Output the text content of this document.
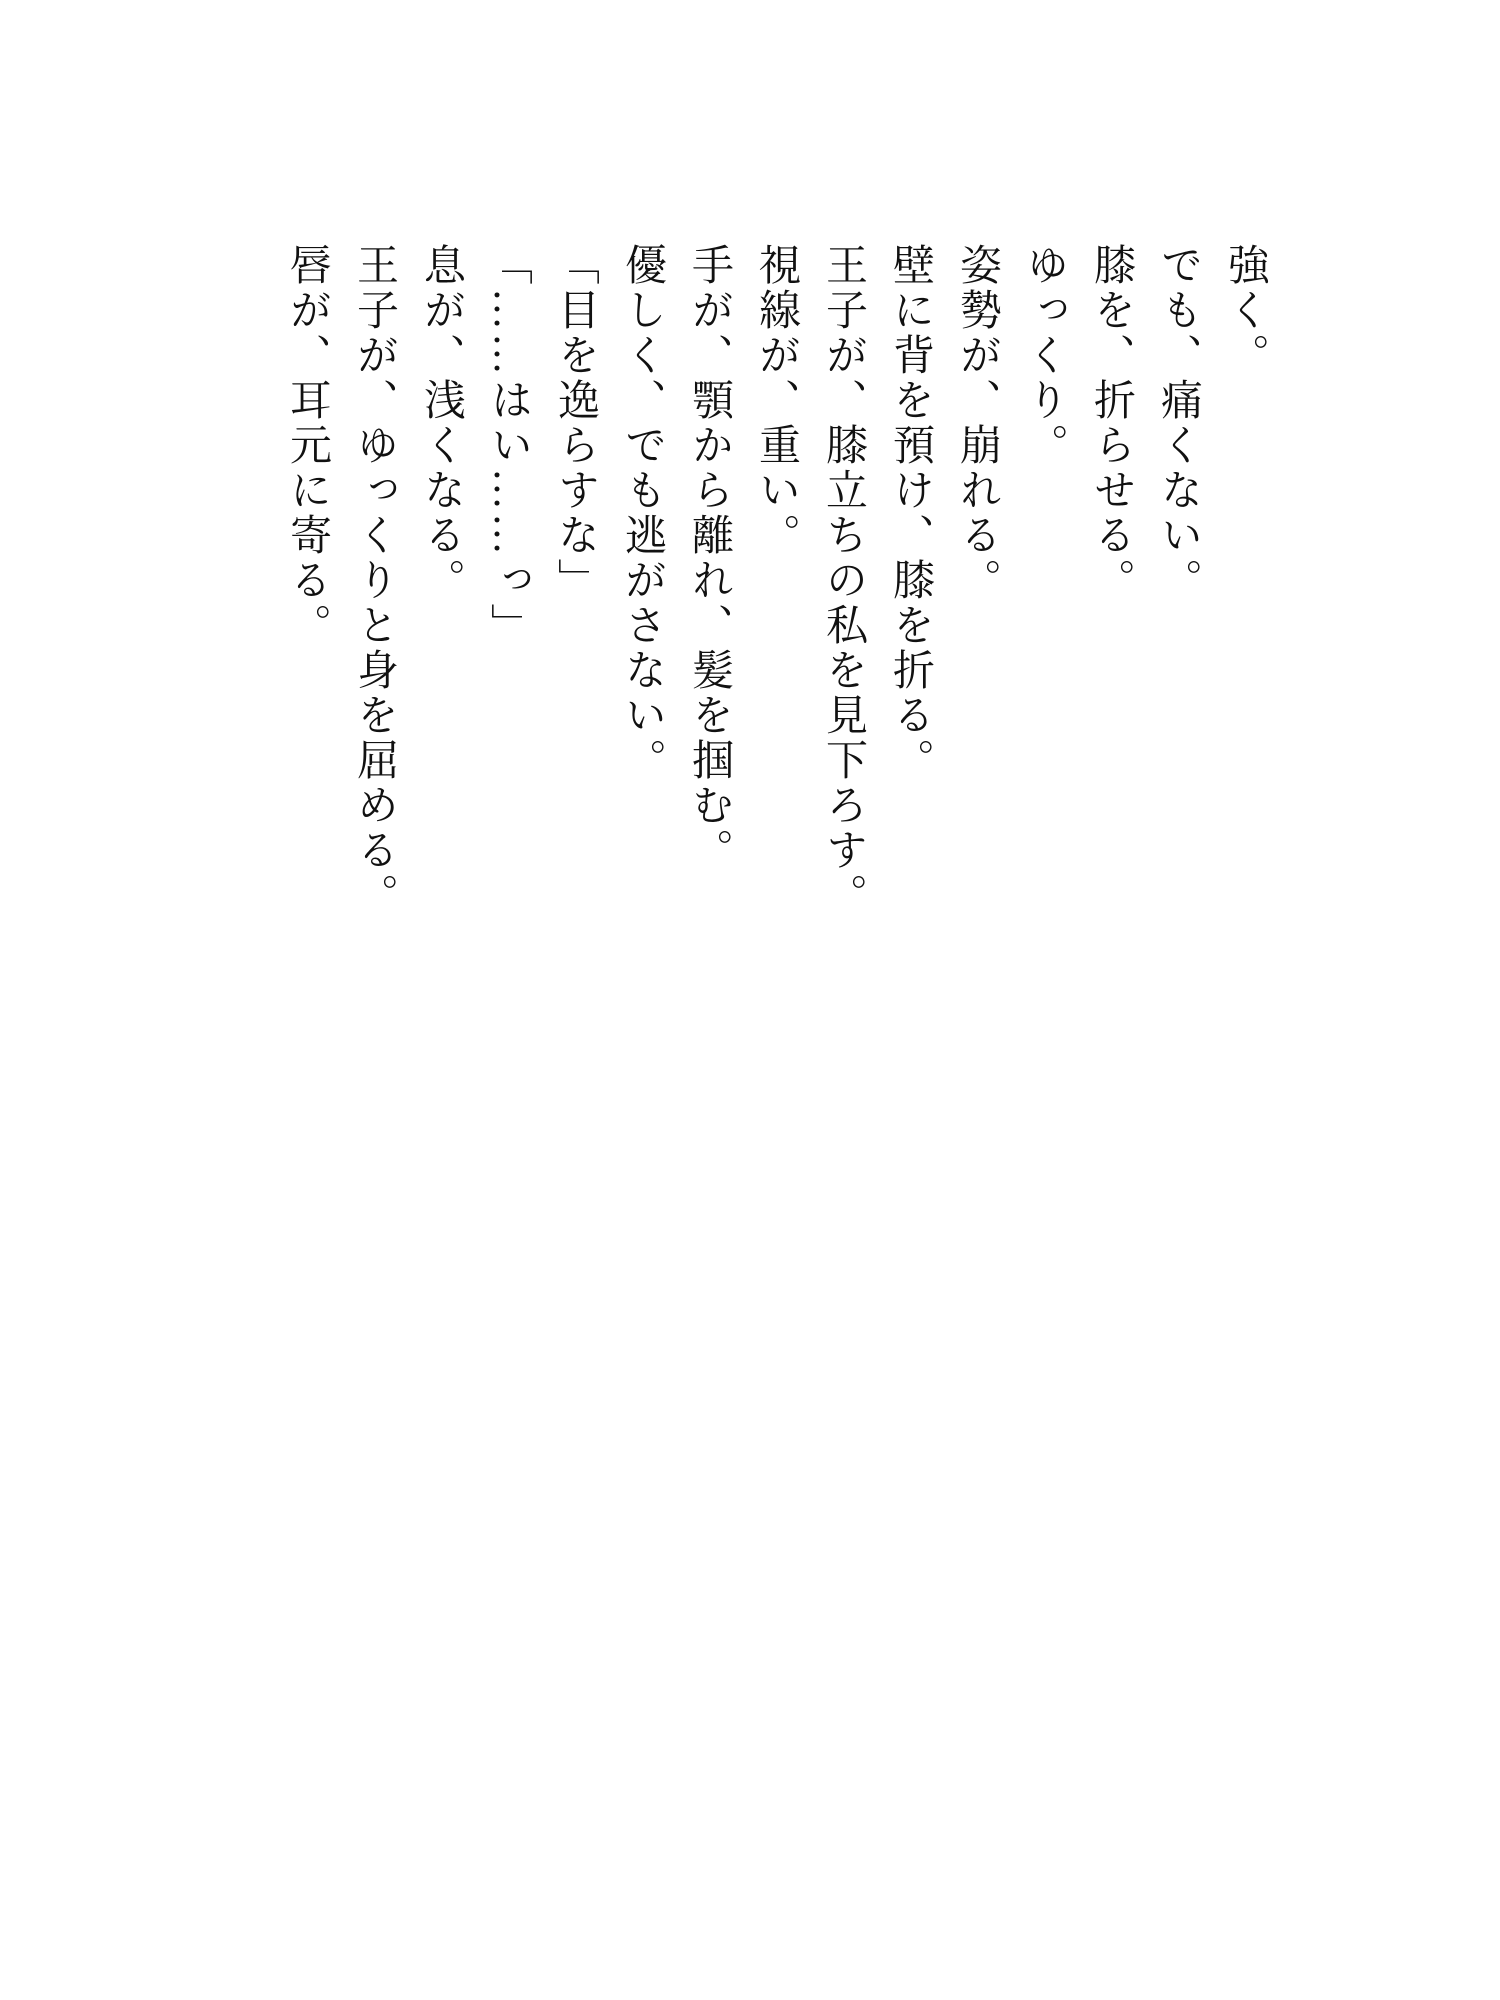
強く。

でも、痛くない。

膝を、折らせる。

ゆっくり。

姿勢が、崩れる。

壁に背を預け、膝を折る。

王子が、膝立ちの私を見下ろす。

視線が、重い。

手が、顎から離れ、髪を掴む。

優しく、でも逃がさない。

「目を逸らすな」

「……はい……っ」

息が、浅くなる。

王子が、ゆっくりと身を屈める。

唇が、耳元に寄る。
